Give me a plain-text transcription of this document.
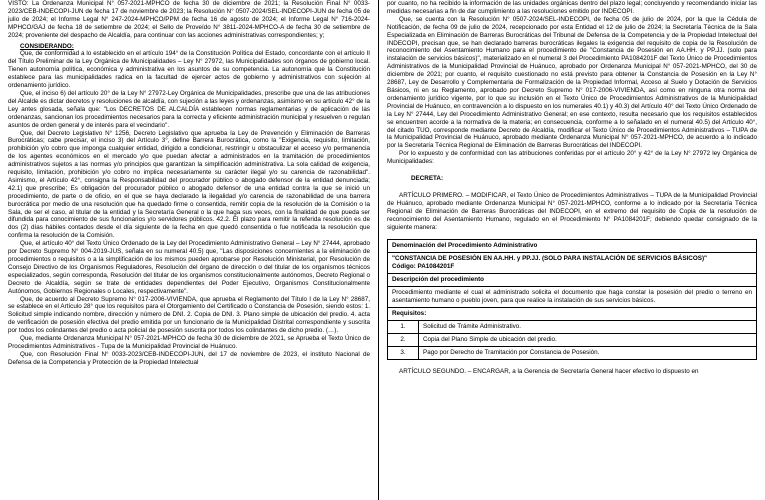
VISTO: La Ordenanza Municipal N° 057-2021-MPHCO de fecha 30 de diciembre de 2021; la Resolución Final N° 0033-2023/CEB-INDECOPI-JUN de fecha 17 de noviembre de 2023; la Resolución N° 0507-2024/SEL-INDECOPI-JUN de fecha 05 de julio de 2024; el Informe Legal N° 247-2024-MPHCO/PPM de fecha 16 de agosto de 2024; el Informe Legal N° 716-2024-MPHCO/GAJ de fecha 18 de setiembre de 2024; el Sello de Proveído N° 3811-2024-MPHCO-A de fecha 30 de setiembre de 2024; proveniente del despacho de Alcaldía, para continuar con las acciones administrativas correspondientes; y;

CONSIDERANDO:

Que, de conformidad a lo establecido en el artículo 194° de la Constitución Política del Estado, concordante con el artículo II del Título Preliminar de la Ley Orgánica de Municipalidades – Ley N° 27972, las Municipalidades son órganos de gobierno local. Tienen autonomía política, económica y administrativa en los asuntos de su competencia. La autonomía que la Constitución establece para las municipalidades radica en la facultad de ejercer actos de gobierno y administrativos con sujeción al ordenamiento jurídico.

Que, el inciso 6) del artículo 20° de la Ley N° 27972-Ley Orgánica de Municipalidades, prescribe que una de las atribuciones del Alcalde es dictar decretos y resoluciones de alcaldía, con sujeción a las leyes y ordenanzas, asimismo en su artículo 42° de la Ley antes glosada, señala que: "Los DECRETOS DE ALCALDÍA establecen normas reglamentarias y de aplicación de las ordenanzas, sancionan los procedimientos necesarios para la correcta y eficiente administración municipal y resuelven o regulan asuntos de orden general y de interés para el vecindario".

Que, del Decreto Legislativo N° 1256, Decreto Legislativo que aprueba la Ley de Prevención y Eliminación de Barreras Burocráticas; cabe precisar, el inciso 3) del Artículo 3°, define Barrera Burocrática, como la "Exigencia, requisito, limitación, prohibición y/o cobro que imponga cualquier entidad, dirigido a condicionar, restringir u obstaculizar el acceso y/o permanencia de los agentes económicos en el mercado y/o que puedan afectar a administrados en la tramitación de procedimientos administrativos sujetos a las normas y/o principios que garantizan la simplificación administrativa. La sola calidad de exigencia, requisito, limitación, prohibición y/o cobro no implica necesariamente su carácter ilegal y/o su carencia de razonabilidad". Asimismo, el Artículo 42°, consigna la Responsabilidad del procurador público o abogado defensor de la entidad denunciada; 42.1) que prescribe; Es obligación del procurador público o abogado defensor de una entidad contra la que se inició un procedimiento, de parte o de oficio, en el que se haya declarado la ilegalidad y/o carencia de razonabilidad de una barrera burocrática por medio de una resolución que ha quedado firme o consentida, remitir copia de la resolución de la Comisión o la Sala, de ser el caso, al titular de la entidad y la Secretaría General o la que haga sus veces, con la finalidad de que pueda ser difundida para conocimiento de sus funcionarios y/o servidores públicos. 42.2. El plazo para remitir la referida resolución es de dos (2) días hábiles contados desde el día siguiente de la fecha en que quedó consentida o fue notificada la resolución que confirma la resolución de la Comisión.

Que, el artículo 40° del Texto Único Ordenado de la Ley del Procedimiento Administrativo General – Ley N° 27444, aprobado por Decreto Supremo N° 004-2019-JUS, señala en su numeral 40.5) que, "Las disposiciones concernientes a la eliminación de procedimientos o requisitos o a la simplificación de los mismos pueden aprobarse por Resolución Ministerial, por Resolución de Consejo Directivo de los Organismos Reguladores, Resolución del órgano de dirección o del titular de los organismos técnicos especializados, según corresponda, Resolución del titular de los organismos constitucionalmente autónomos, Decreto Regional o Decreto de Alcaldía, según se trate de entidades dependientes del Poder Ejecutivo, Organismos Constitucionalmente Autónomos, Gobiernos Regionales o Locales, respectivamente".

Que, de acuerdo al Decreto Supremo N° 017-2006-VIVIENDA, que aprueba el Reglamento del Título I de la Ley N° 28687, se establece en el Artículo 28° que los requisitos para el Otorgamiento del Certificado o Constancia de Posesión, siendo estos: 1. Solicitud simple indicando nombre, dirección y número de DNI. 2. Copia de DNI. 3. Plano simple de ubicación del predio. 4. acta de verificación de posesión efectiva del predio emitida por un funcionario de la Municipalidad Distrital correspondiente y suscrita por todos los colindantes del predio o acta policial de posesión suscrita por todos los colindantes de dicho predio. (…).

Que, mediante Ordenanza Municipal N° 057-2021-MPHCO de fecha 30 de diciembre de 2021, se Aprueba el Texto Único de Procedimientos Administrativos - Tupa de la Municipalidad Provincial de Huánuco.

Que, con Resolución Final N° 0033-2023/CEB-INDECOPI-JUN, del 17 de noviembre de 2023, el instituto Nacional de Defensa de la Competencia y Protección de la Propiedad Intelectual

por cuanto, no ha recibido la información de las unidades orgánicas dentro del plazo legal; concluyendo y recomendando iniciar las medidas necesarias a fin de dar cumplimiento a las resoluciones emitido por INDECOPI.

Que, se cuenta con la Resolución N° 0507-2024/SEL-INDECOPI, de fecha 05 de julio de 2024, por la que la Cédula de Notificación, de fecha 09 de julio de 2024, recepcionado por esta Entidad el 12 de julio de 2024; la Secretaría Técnica de la Sala Especializada en Eliminación de Barreras Burocráticas del Tribunal de Defensa de la Competencia y de la Propiedad Intelectual del INDECOPI, precisan que, se han declarado barreras burocráticas ilegales la exigencia del requisito de copia de la Resolución de reconocimiento del Asentamiento Humano para el procedimiento de "Constancia de Posesión en AA.HH. y PP.JJ. (solo para instalación de servicios básicos)", materializado en el numeral 3 del Procedimiento PA1084201F del Texto Único de Procedimientos Administrativos de la Municipalidad Provincial de Huánuco, aprobado por Ordenanza Municipal N° 057-2021-MPHCO, del 30 de diciembre de 2021; por cuanto, el requisito cuestionado no está previsto para obtener la Constancia de Posesión en la Ley N° 28687, Ley de Desarrollo y Complementaria de Formalización de la Propiedad Informal, Acceso al Suelo y Dotación de Servicios Básicos, ni en su Reglamento, aprobado por Decreto Supremo N° 017-2006-VIVIENDA, así como en ninguna otra norma del ordenamiento jurídico vigente, por lo que su inclusión en el Texto Único de Procedimientos Administrativos de la Municipalidad Provincial de Huánuco, en contravención a lo dispuesto en los numerales 40.1) y 40.3) del Artículo 40° del Texto Único Ordenado de la Ley N° 27444, Ley del Procedimiento Administrativo General; en ese contexto, resulta necesario que los requisitos establecidos se encuentren acorde a la normativa de la materia; en consecuencia, conforme a lo señalado en el numeral 40.5) del Artículo 40°, del citado TUO, corresponde mediante Decreto de Alcaldía, modificar el Texto Único de Procedimientos Administrativos – TUPA de la Municipalidad Provincial de Huánuco, aprobado mediante Ordenanza Municipal N° 057-2021-MPHCO, de acuerdo a lo indicado por la Secretaría Técnica Regional de Eliminación de Barreras Burocráticas del INDECOPI.

Por lo expuesto y de conformidad con las atribuciones conferidas por el artículo 20° y 42° de la Ley N° 27972 ley Orgánica de Municipalidades:

DECRETA:

ARTÍCULO PRIMERO. – MODIFICAR, el Texto Único de Procedimientos Administrativos – TUPA de la Municipalidad Provincial de Huánuco, aprobado mediante Ordenanza Municipal N° 057-2021-MPHCO, conforme a lo indicado por la Secretaría Técnica Regional de Eliminación de Barreras Burocráticas del INDECOPI, en el extremo del requisito de Copia de la resolución de reconocimiento del Asentamiento Humano, regulado en el Procedimiento N° PA1084201F; debiendo quedar consignado de la siguiente manera:

Denominación del Procedimiento Administrativo	

"CONSTANCIA DE POSESIÓN EN AA.HH. y PP.JJ. (SOLO PARA INSTALACIÓN DE SERVICIOS BÁSICOS)"
Código: PA1084201F	

Descripción del procedimiento	
Procedimiento mediante el cual el administrado solicita el documento que haga constar la posesión del predio o terreno en asentamiento humano o pueblo joven, para que realice la instalación de sus servicios básicos.	
Requisitos:	
1.	Solicitud de Trámite Administrativo.
2.	Copia del Plano Simple de ubicación del predio.
3.	Pago por Derecho de Tramitación por Constancia de Posesión.

ARTÍCULO SEGUNDO. – ENCARGAR, a la Gerencia de Secretaría General hacer efectivo lo dispuesto en
